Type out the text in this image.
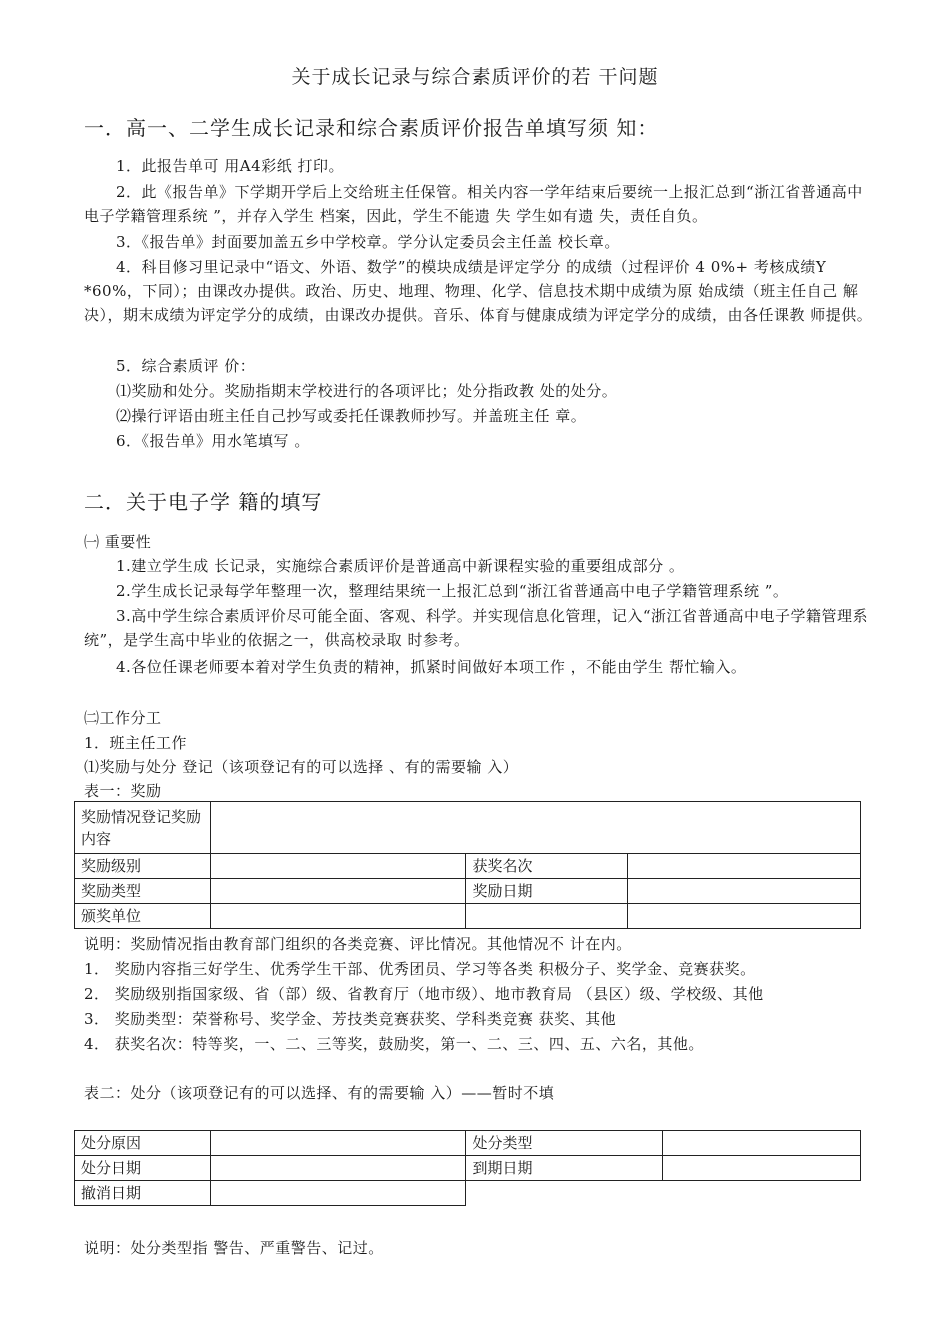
关于成长记录与综合素质评价的若 干问题
一．高一、二学生成长记录和综合素质评价报告单填写须 知：
1．此报告单可 用A4彩纸 打印。
2．此《报告单》下学期开学后上交给班主任保管。相关内容一学年结束后要统一上报汇总到“浙江省普通高中电子学籍管理系统 ”，并存入学生 档案，因此，学生不能遗 失 学生如有遗 失，责任自负。
3．《报告单》封面要加盖五乡中学校章。学分认定委员会主任盖 校长章。
4．科目修习里记录中“语文、外语、数学”的模块成绩是评定学分 的成绩（过程评价 4 0%+ 考核成绩Y *60%，下同）；由课改办提供。政治、历史、地理、物理、化学、信息技术期中成绩为原 始成绩（班主任自己 解决），期末成绩为评定学分的成绩，由课改办提供。音乐、体育与健康成绩为评定学分的成绩，由各任课教 师提供。
5．综合素质评 价：
⑴奖励和处分。奖励指期末学校进行的各项评比；处分指政教 处的处分。
⑵操行评语由班主任自己抄写或委托任课教师抄写。并盖班主任 章。
6．《报告单》用水笔填写 。
二．关于电子学 籍的填写
㈠ 重要性
1.建立学生成 长记录，实施综合素质评价是普通高中新课程实验的重要组成部分 。
2.学生成长记录每学年整理一次，整理结果统一上报汇总到“浙江省普通高中电子学籍管理系统 ”。
3.高中学生综合素质评价尽可能全面、客观、科学。并实现信息化管理，记入“浙江省普通高中电子学籍管理系统”，是学生高中毕业的依据之一，供高校录取 时参考。
4.各位任课老师要本着对学生负责的精神，抓紧时间做好本项工作 ，不能由学生 帮忙输入。
㈡工作分工
1．班主任工作
⑴奖励与处分 登记（该项登记有的可以选择 、有的需要输 入）
表一：奖励
奖励情况登记奖励内容			
奖励级别		获奖名次	
奖励类型		奖励日期	
颁奖单位			
说明：奖励情况指由教育部门组织的各类竞赛、评比情况。其他情况不 计在内。
1． 奖励内容指三好学生、优秀学生干部、优秀团员、学习等各类 积极分子、奖学金、竞赛获奖。
2． 奖励级别指国家级、省（部）级、省教育厅（地市级）、地市教育局 （县区）级、学校级、其他
3． 奖励类型：荣誉称号、奖学金、芳技类竞赛获奖、学科类竞赛 获奖、其他
4． 获奖名次：特等奖，一、二、三等奖，鼓励奖，第一、二、三、四、五、六名，其他。
表二：处分（该项登记有的可以选择、有的需要输 入）——暂时不填
处分原因		处分类型	
处分日期		到期日期	
撤消日期			
说明：处分类型指 警告、严重警告、记过。
